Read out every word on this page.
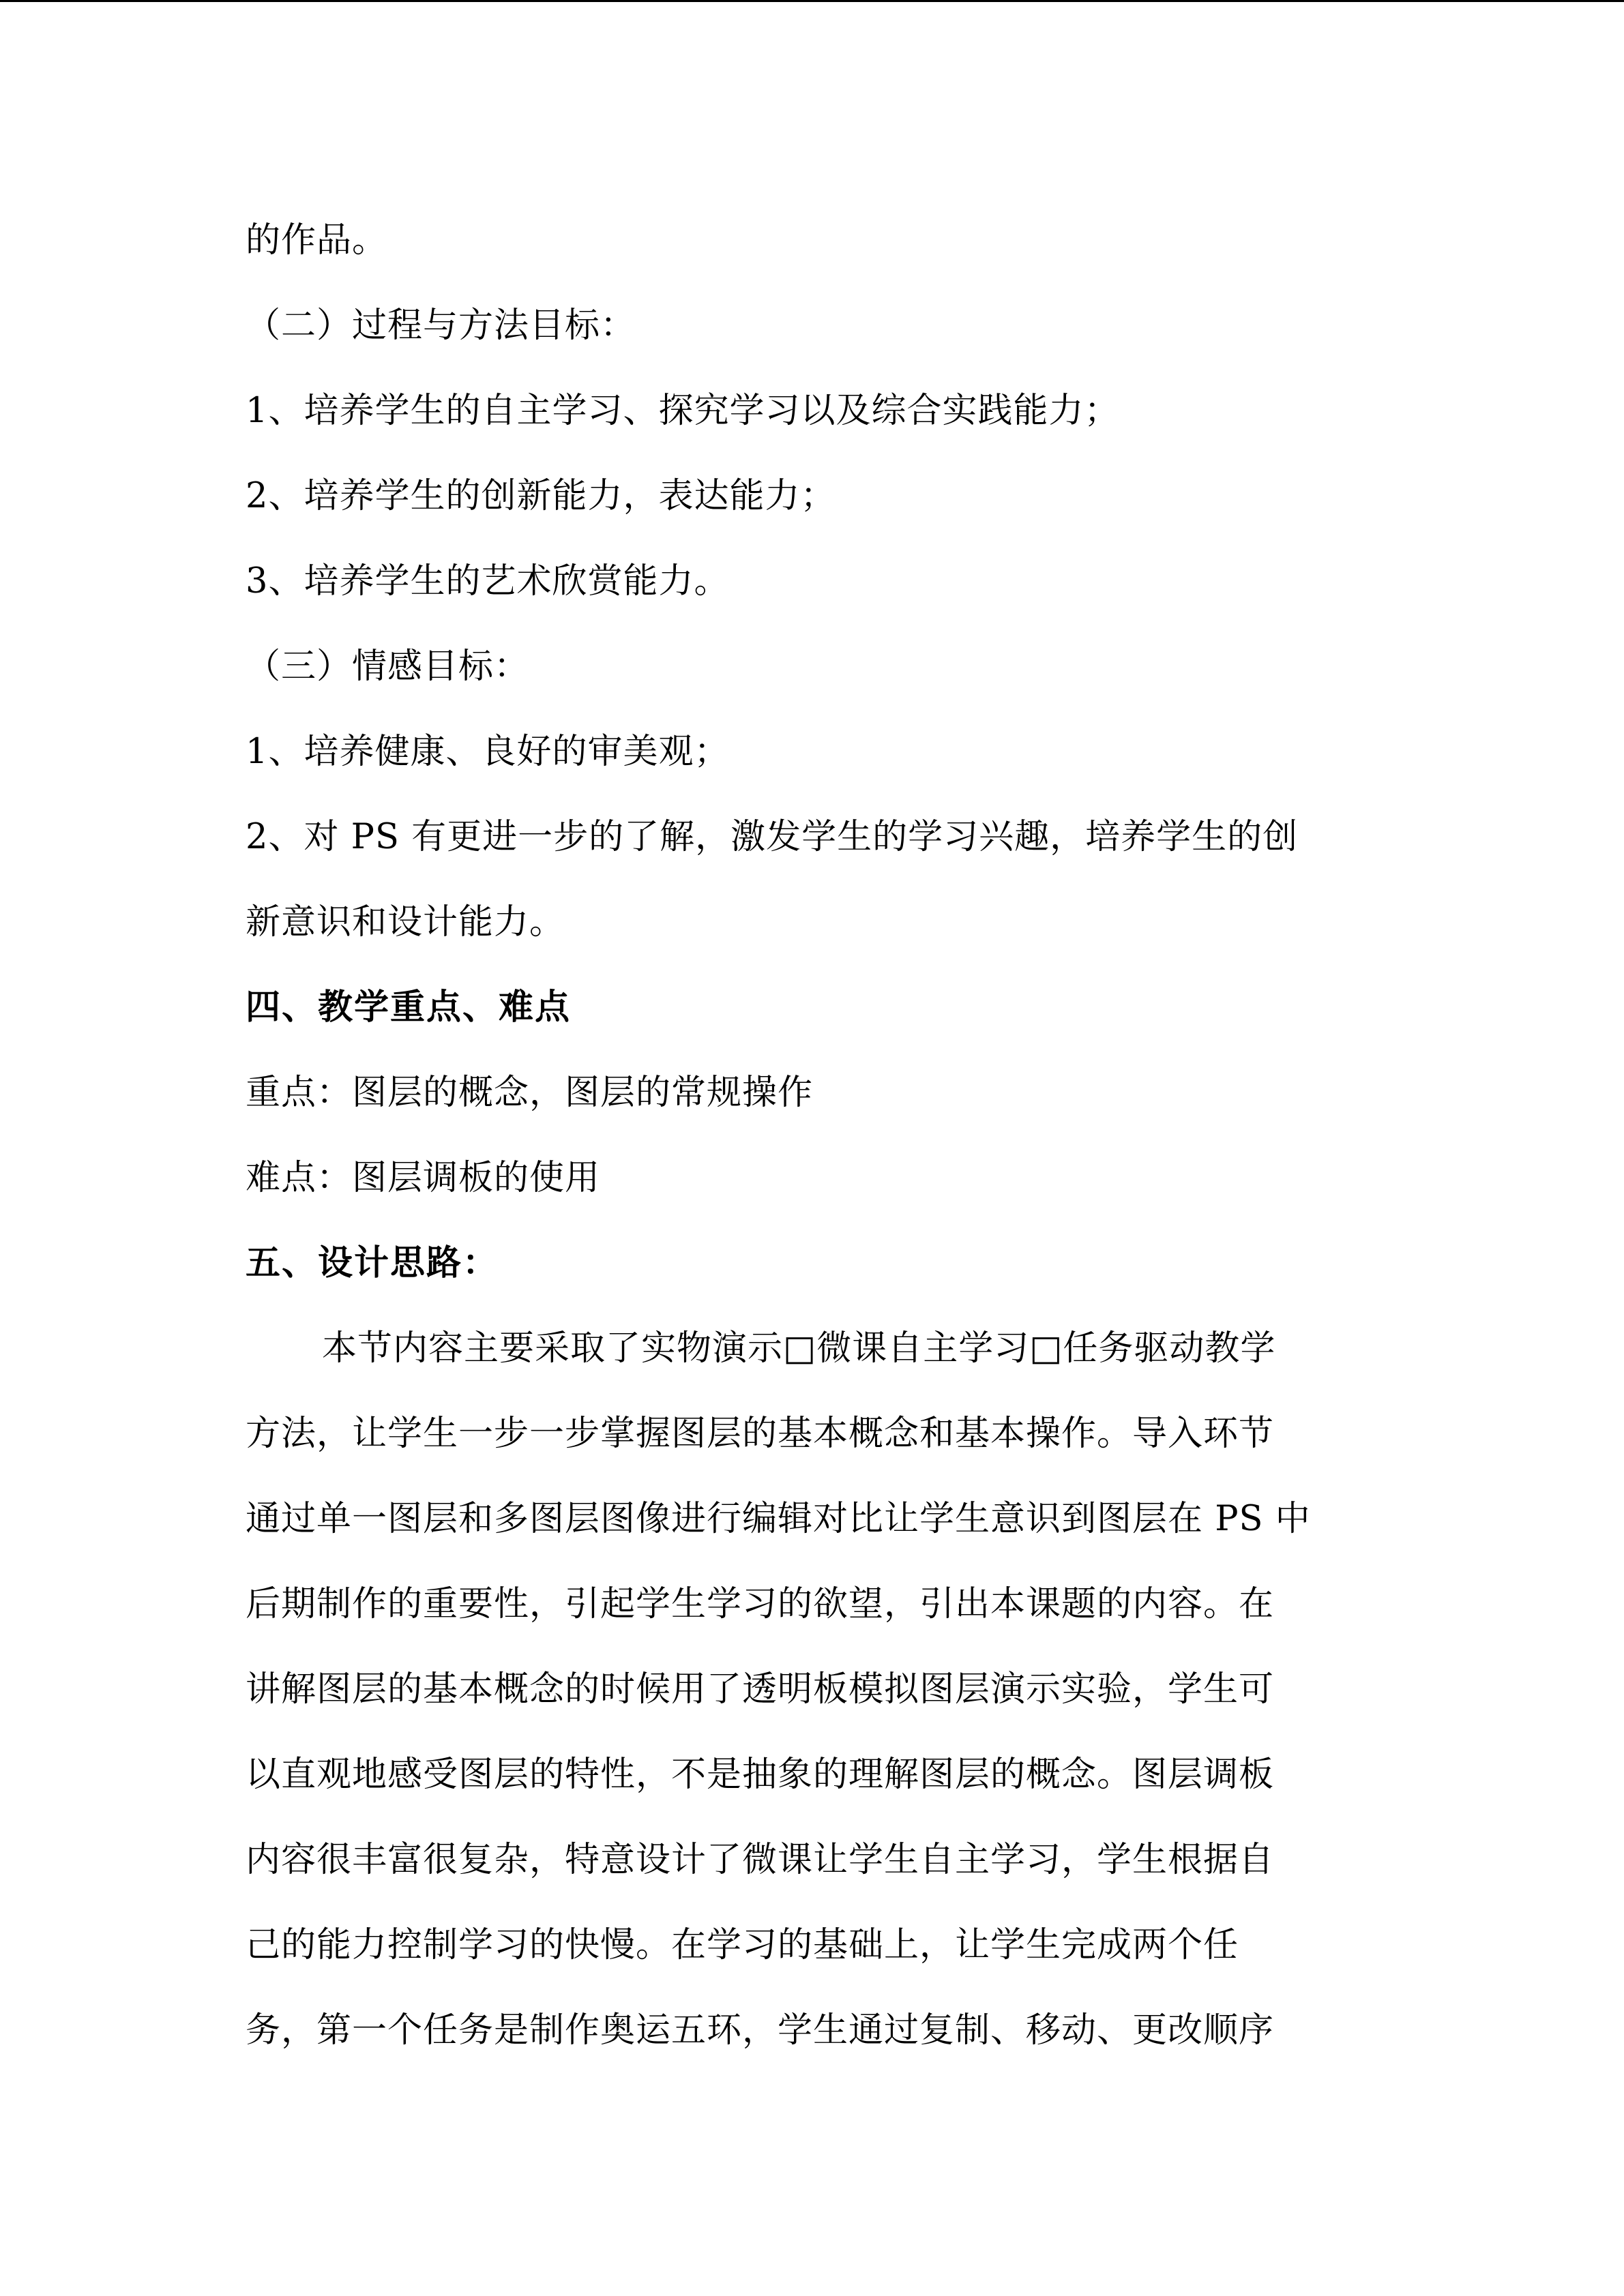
的作品。
（二）过程与方法目标：
1、培养学生的自主学习、探究学习以及综合实践能力；
2、培养学生的创新能力，表达能力；
3、培养学生的艺术欣赏能力。
（三）情感目标：
1、培养健康、良好的审美观；
2、对 PS 有更进一步的了解，激发学生的学习兴趣，培养学生的创
新意识和设计能力。
四、教学重点、难点
重点：图层的概念，图层的常规操作
难点：图层调板的使用
五、设计思路：
本节内容主要采取了实物演示□微课自主学习□任务驱动教学
方法，让学生一步一步掌握图层的基本概念和基本操作。导入环节
通过单一图层和多图层图像进行编辑对比让学生意识到图层在 PS 中
后期制作的重要性，引起学生学习的欲望，引出本课题的内容。在
讲解图层的基本概念的时候用了透明板模拟图层演示实验，学生可
以直观地感受图层的特性，不是抽象的理解图层的概念。图层调板
内容很丰富很复杂，特意设计了微课让学生自主学习，学生根据自
己的能力控制学习的快慢。在学习的基础上，让学生完成两个任
务，第一个任务是制作奥运五环，学生通过复制、移动、更改顺序
